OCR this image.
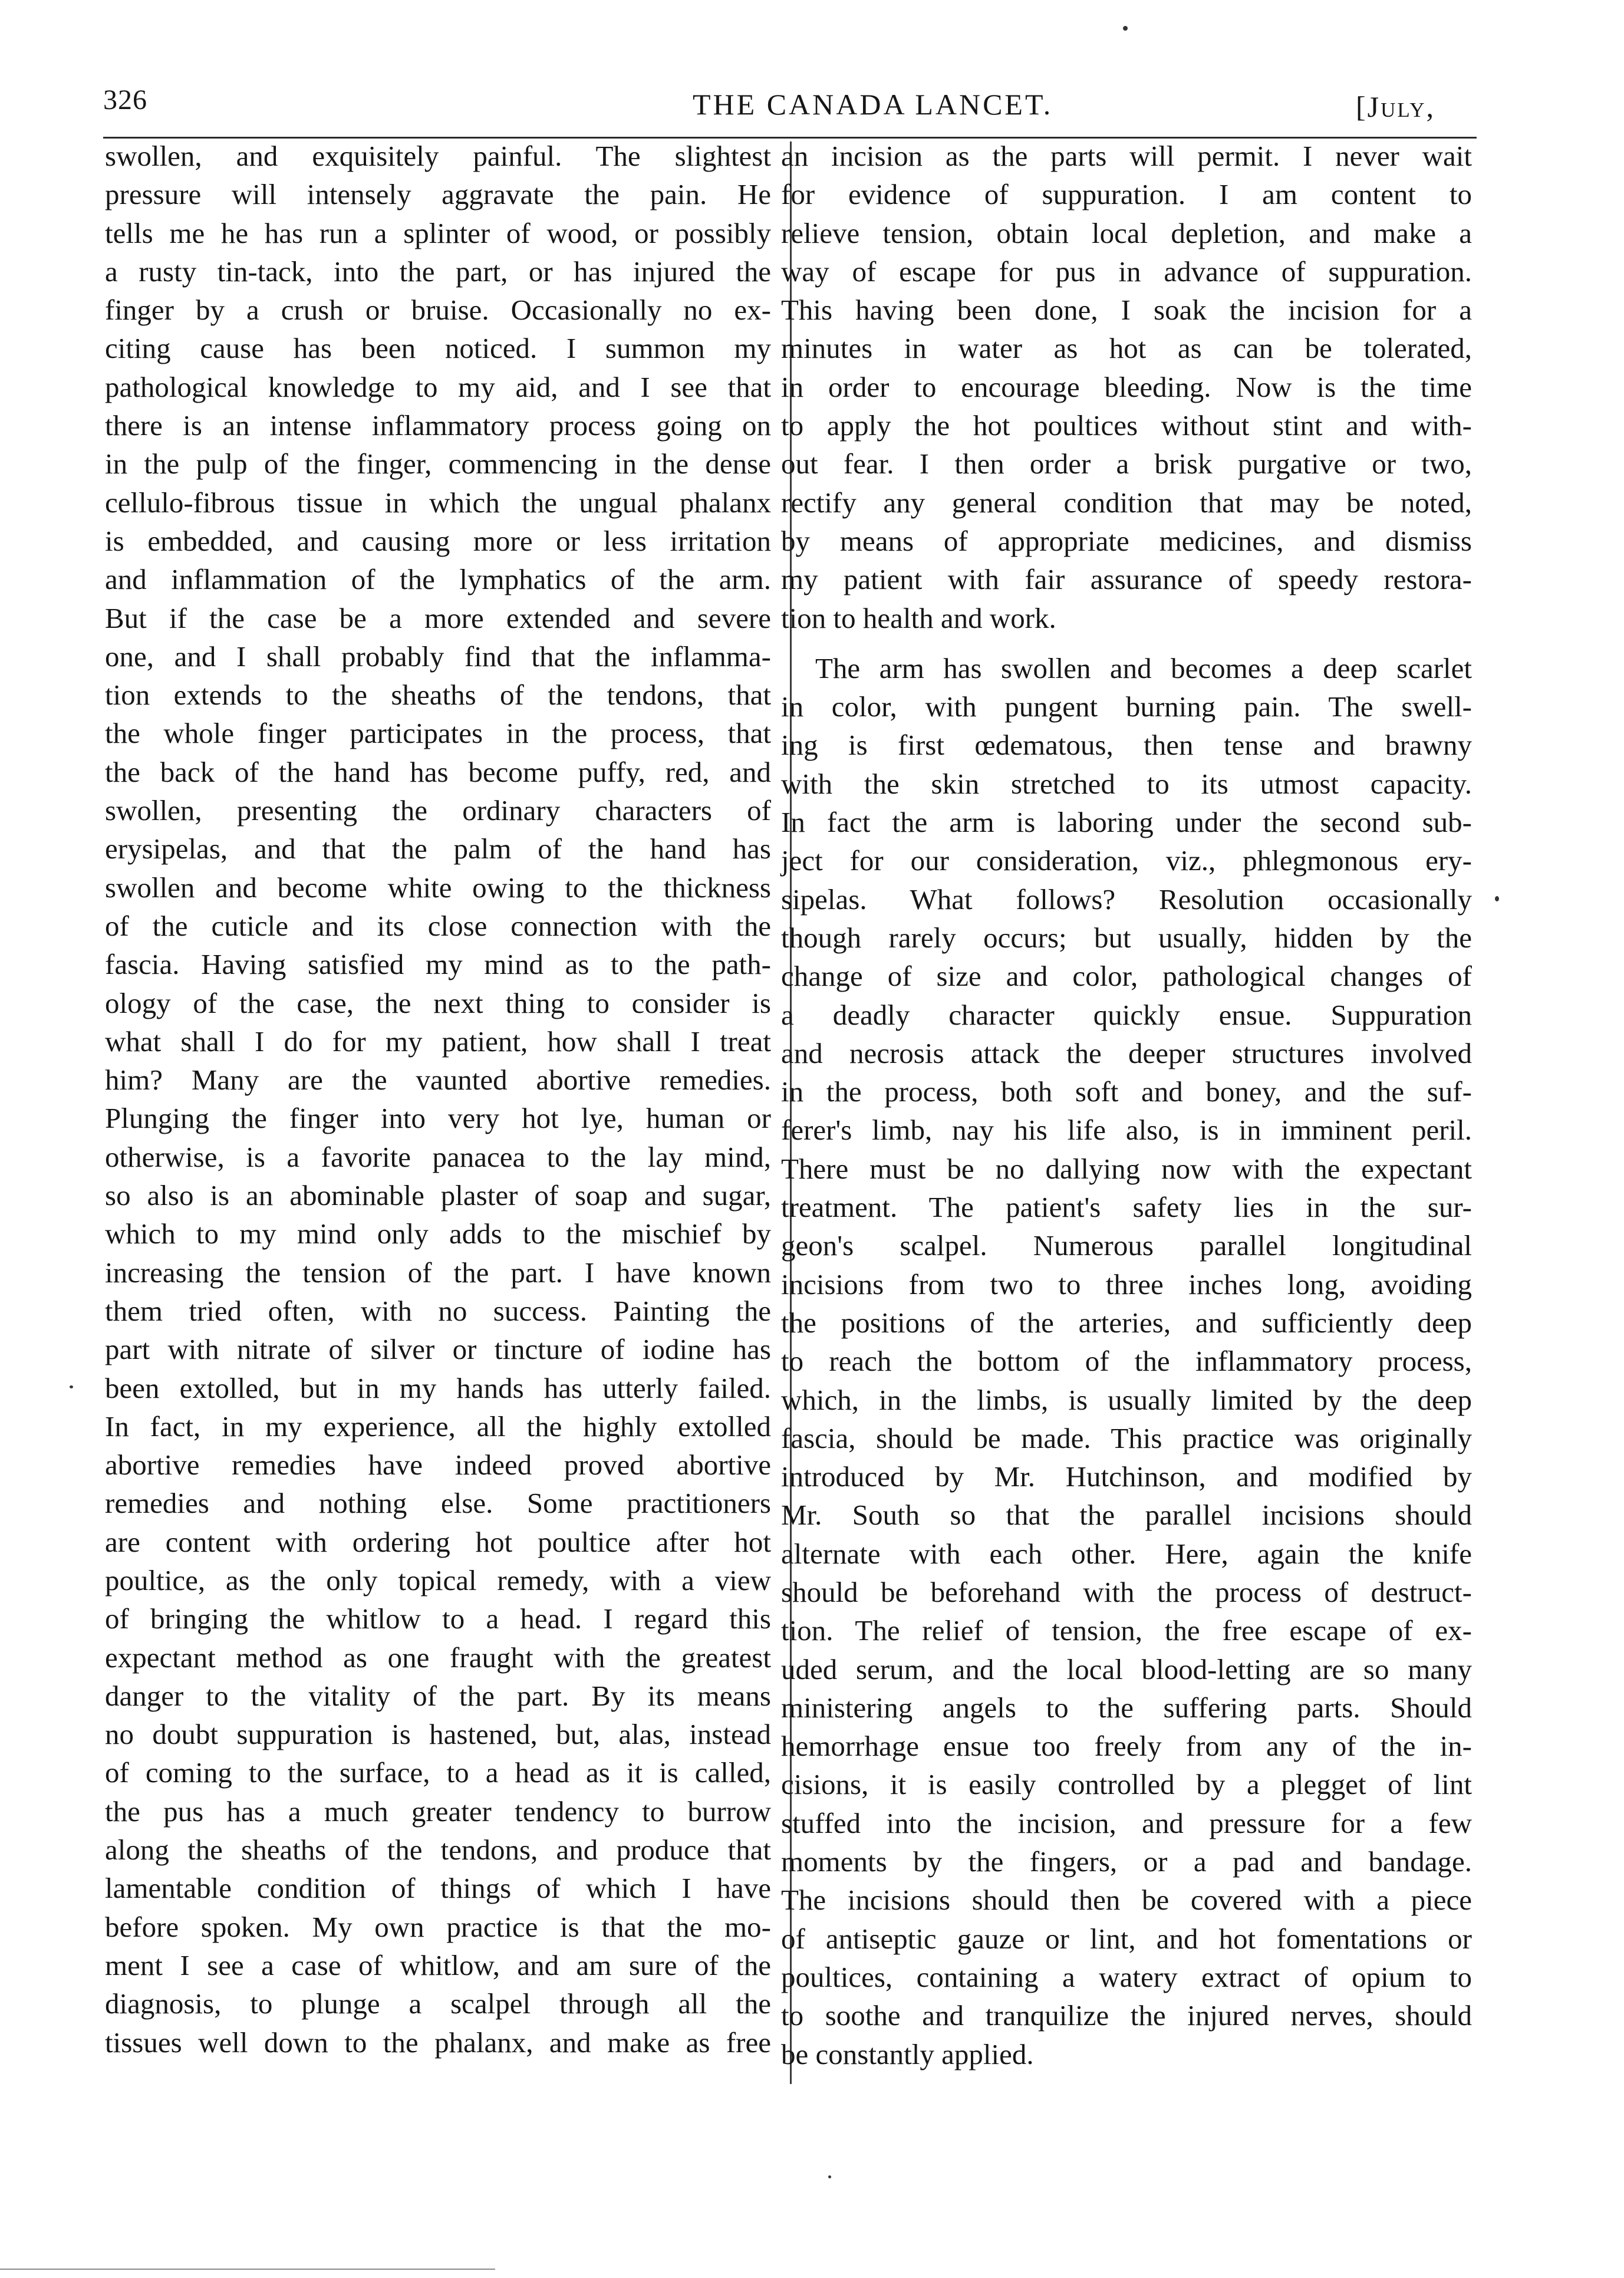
326	THE CANADA LANCET.	[July,
swollen, and exquisitely painful. The slightest
pressure will intensely aggravate the pain. He
tells me he has run a splinter of wood, or possibly
a rusty tin-tack, into the part, or has injured the
finger by a crush or bruise. Occasionally no ex-
citing cause has been noticed. I summon my
pathological knowledge to my aid, and I see that
there is an intense inflammatory process going on
in the pulp of the finger, commencing in the dense
cellulo-fibrous tissue in which the ungual phalanx
is embedded, and causing more or less irritation
and inflammation of the lymphatics of the arm.
But if the case be a more extended and severe
one, and I shall probably find that the inflamma-
tion extends to the sheaths of the tendons, that
the whole finger participates in the process, that
the back of the hand has become puffy, red, and
swollen, presenting the ordinary characters of
erysipelas, and that the palm of the hand has
swollen and become white owing to the thickness
of the cuticle and its close connection with the
fascia. Having satisfied my mind as to the path-
ology of the case, the next thing to consider is
what shall I do for my patient, how shall I treat
him? Many are the vaunted abortive remedies.
Plunging the finger into very hot lye, human or
otherwise, is a favorite panacea to the lay mind,
so also is an abominable plaster of soap and sugar,
which to my mind only adds to the mischief by
increasing the tension of the part. I have known
them tried often, with no success. Painting the
part with nitrate of silver or tincture of iodine has
been extolled, but in my hands has utterly failed.
In fact, in my experience, all the highly extolled
abortive remedies have indeed proved abortive
remedies and nothing else. Some practitioners
are content with ordering hot poultice after hot
poultice, as the only topical remedy, with a view
of bringing the whitlow to a head. I regard this
expectant method as one fraught with the greatest
danger to the vitality of the part. By its means
no doubt suppuration is hastened, but, alas, instead
of coming to the surface, to a head as it is called,
the pus has a much greater tendency to burrow
along the sheaths of the tendons, and produce that
lamentable condition of things of which I have
before spoken. My own practice is that the mo-
ment I see a case of whitlow, and am sure of the
diagnosis, to plunge a scalpel through all the
tissues well down to the phalanx, and make as free
an incision as the parts will permit. I never wait
for evidence of suppuration. I am content to
relieve tension, obtain local depletion, and make a
way of escape for pus in advance of suppuration.
This having been done, I soak the incision for a
minutes in water as hot as can be tolerated,
in order to encourage bleeding. Now is the time
to apply the hot poultices without stint and with-
out fear. I then order a brisk purgative or two,
rectify any general condition that may be noted,
by means of appropriate medicines, and dismiss
my patient with fair assurance of speedy restora-
tion to health and work.
The arm has swollen and becomes a deep scarlet
in color, with pungent burning pain. The swell-
ing is first œdematous, then tense and brawny
with the skin stretched to its utmost capacity.
In fact the arm is laboring under the second sub-
ject for our consideration, viz., phlegmonous ery-
sipelas. What follows? Resolution occasionally
though rarely occurs; but usually, hidden by the
change of size and color, pathological changes of
a deadly character quickly ensue. Suppuration
and necrosis attack the deeper structures involved
in the process, both soft and boney, and the suf-
ferer's limb, nay his life also, is in imminent peril.
There must be no dallying now with the expectant
treatment. The patient's safety lies in the sur-
geon's scalpel. Numerous parallel longitudinal
incisions from two to three inches long, avoiding
the positions of the arteries, and sufficiently deep
to reach the bottom of the inflammatory process,
which, in the limbs, is usually limited by the deep
fascia, should be made. This practice was originally
introduced by Mr. Hutchinson, and modified by
Mr. South so that the parallel incisions should
alternate with each other. Here, again the knife
should be beforehand with the process of destruct-
tion. The relief of tension, the free escape of ex-
uded serum, and the local blood-letting are so many
ministering angels to the suffering parts. Should
hemorrhage ensue too freely from any of the in-
cisions, it is easily controlled by a plegget of lint
stuffed into the incision, and pressure for a few
moments by the fingers, or a pad and bandage.
The incisions should then be covered with a piece
of antiseptic gauze or lint, and hot fomentations or
poultices, containing a watery extract of opium to
to soothe and tranquilize the injured nerves, should
be constantly applied.
